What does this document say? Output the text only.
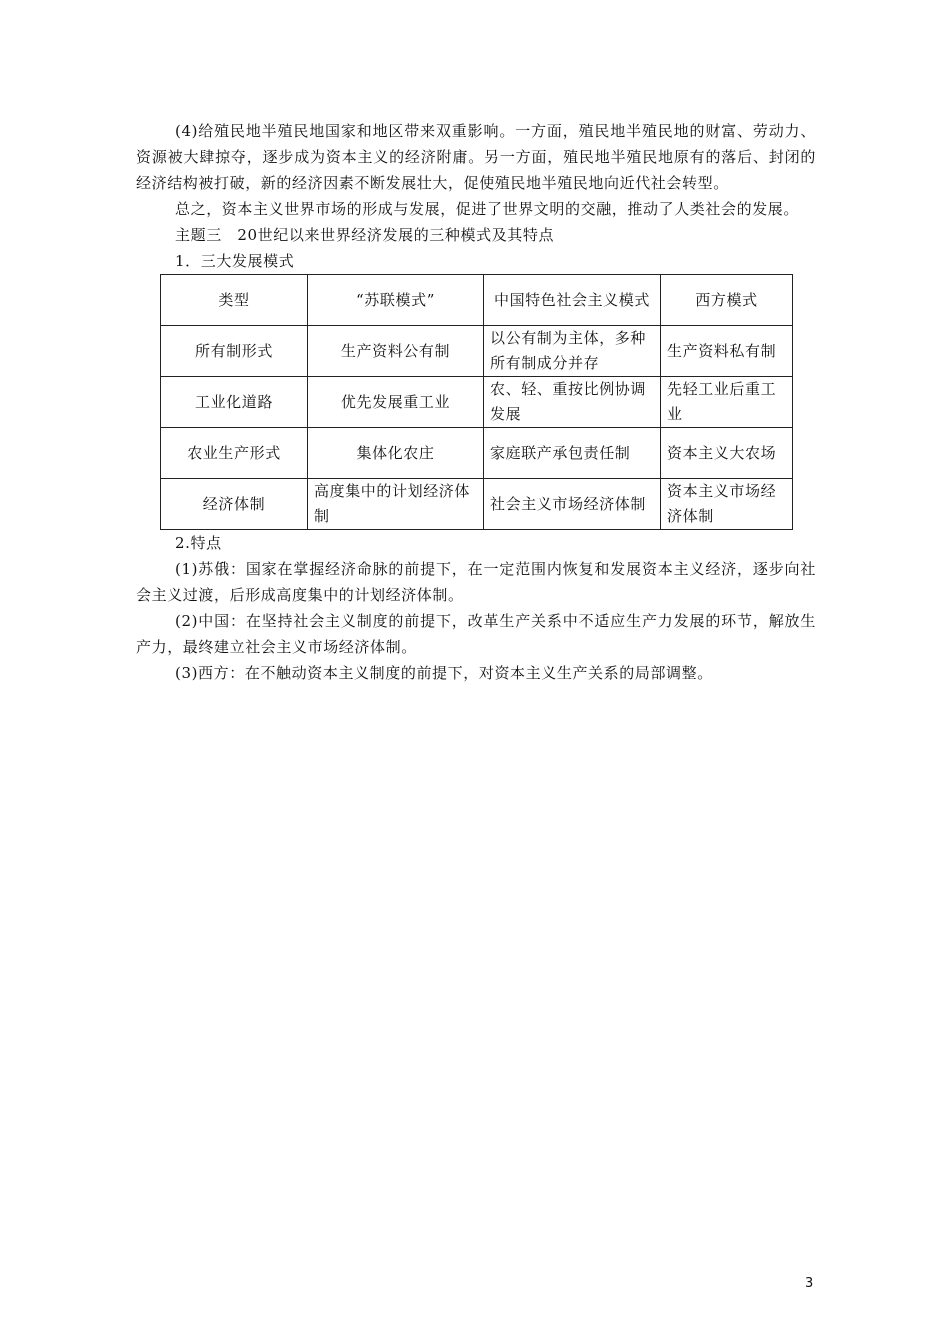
(4)给殖民地半殖民地国家和地区带来双重影响。一方面，殖民地半殖民地的财富、劳动力、资源被大肆掠夺，逐步成为资本主义的经济附庸。另一方面，殖民地半殖民地原有的落后、封闭的经济结构被打破，新的经济因素不断发展壮大，促使殖民地半殖民地向近代社会转型。

总之，资本主义世界市场的形成与发展，促进了世界文明的交融，推动了人类社会的发展。

主题三　20世纪以来世界经济发展的三种模式及其特点

1．三大发展模式

类型	“苏联模式”	中国特色社会主义模式	西方模式
所有制形式	生产资料公有制	以公有制为主体，多种所有制成分并存	生产资料私有制
工业化道路	优先发展重工业	农、轻、重按比例协调发展	先轻工业后重工业
农业生产形式	集体化农庄	家庭联产承包责任制	资本主义大农场
经济体制	高度集中的计划经济体制	社会主义市场经济体制	资本主义市场经济体制

2.特点

(1)苏俄：国家在掌握经济命脉的前提下，在一定范围内恢复和发展资本主义经济，逐步向社会主义过渡，后形成高度集中的计划经济体制。

(2)中国：在坚持社会主义制度的前提下，改革生产关系中不适应生产力发展的环节，解放生产力，最终建立社会主义市场经济体制。

(3)西方：在不触动资本主义制度的前提下，对资本主义生产关系的局部调整。

3
